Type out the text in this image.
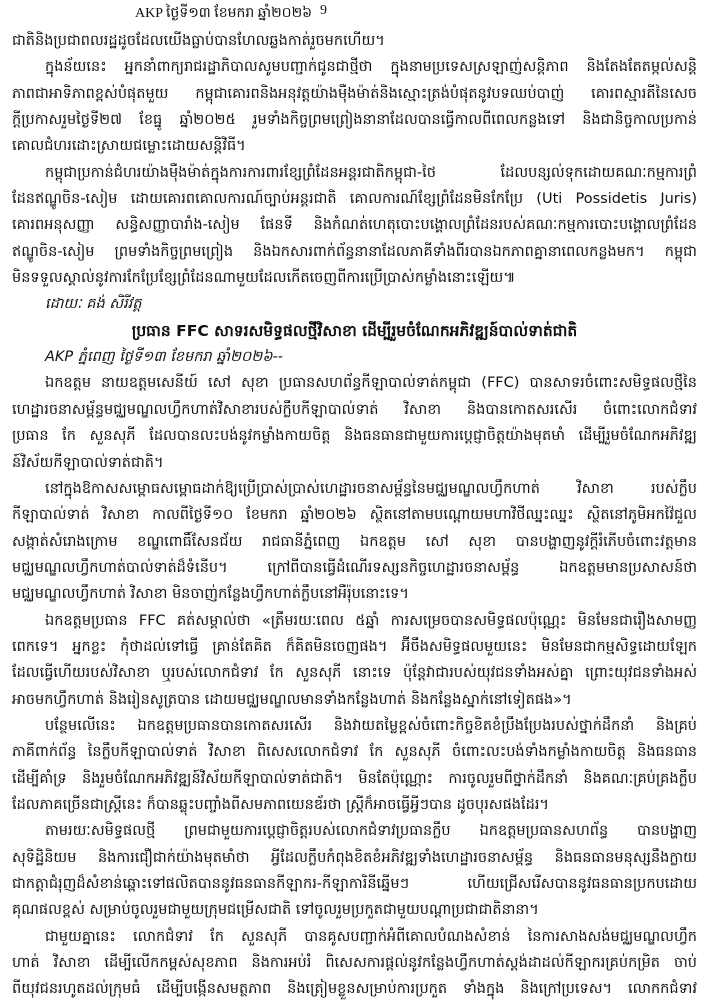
AKP ថ្ងៃទី១៣ ខែមករា ឆ្នាំ២០២៦ 9
ជាតិនិងប្រជាពលរដ្ឋដូចដែលយើងធ្លាប់បានហែលឆ្លងកាត់រួចមកហើយ។
ក្នុងន័យនេះ អ្នកនាំពាក្យរាជរដ្ឋាភិបាលសូមបញ្ជាក់ជូនជាថ្មីថា ក្នុងនាមប្រទេសស្រឡាញ់សន្តិភាព និងតែងតែតម្កល់សន្តិ
ភាពជាអាទិភាពខ្ពស់បំផុតមួយ កម្ពុជាគោរពនិងអនុវត្តយ៉ាងម៉ឺងម៉ាត់និងស្មោះត្រង់បំផុតនូវបទឈប់បាញ់ គោរពស្មារតីនៃសេច
ក្តីប្រកាសរួមថ្ងៃទី២៧ ខែធ្នូ ឆ្នាំ២០២៥ រួមទាំងកិច្ចព្រមព្រៀងនានាដែលបានធ្វើកាលពីពេលកន្លងទៅ និងជានិច្ចកាលប្រកាន់
គោលជំហរដោះស្រាយជម្លោះដោយសន្តិវិធី។
កម្ពុជាប្រកាន់ជំហរយ៉ាងម៉ឺងម៉ាត់ក្នុងការការពារខ្សែព្រំដែនអន្តរជាតិកម្ពុជា-ថៃ ដែលបន្សល់ទុកដោយគណៈកម្មការព្រំ
ដែនឥណ្ឌូចិន-សៀម ដោយគោរពគោលការណ៍ច្បាប់អន្តរជាតិ គោលការណ៍ខ្សែព្រំដែនមិនកែប្រែ (Uti Possidetis Juris)
គោរពអនុសញ្ញា សន្ធិសញ្ញាបារាំង-សៀម ផែនទី និងកំណត់ហេតុបោះបង្គោលព្រំដែនរបស់គណៈកម្មការបោះបង្គោលព្រំដែន
ឥណ្ឌូចិន-សៀម ព្រមទាំងកិច្ចព្រមព្រៀង និងឯកសារពាក់ព័ន្ធនានាដែលភាគីទាំងពីរបានឯកភាពគ្នានាពេលកន្លងមក។ កម្ពុជា
មិនទទួលស្គាល់នូវការកែប្រែខ្សែព្រំដែនណាមួយដែលកើតចេញពីការប្រើប្រាស់កម្លាំងនោះឡើយ៕
ដោយៈ គង់ សិរីវត្ត
ប្រធាន FFC សាទរសមិទ្ធផលថ្មីវិសាខា ដើម្បីរួមចំណែកអភិវឌ្ឍន៍បាល់ទាត់ជាតិ
AKP ភ្នំពេញ ថ្ងៃទី១៣ ខែមករា ឆ្នាំ២០២៦--
ឯកឧត្តម នាយឧត្តមសេនីយ៍ សៅ សុខា ប្រធានសហព័ន្ធកីឡាបាល់ទាត់កម្ពុជា (FFC) បានសាទរចំពោះសមិទ្ធផលថ្មីនៃ
ហេដ្ឋារចនាសម្ព័ន្ធមជ្ឈមណ្ឌលហ្វឹកហាត់វិសាខារបស់ក្លឹបកីឡាបាល់ទាត់ វិសាខា និងបានកោតសរសើរ ចំពោះលោកជំទាវ
ប្រធាន កែ សួនសុភី ដែលបានលះបង់នូវកម្លាំងកាយចិត្ត និងធនធានជាមួយការប្តេជ្ញាចិត្តយ៉ាងមុតមាំ ដើម្បីរួមចំណែកអភិវឌ្ឍ
ន៍វិស័យកីឡាបាល់ទាត់ជាតិ។
នៅក្នុងឱកាសសម្ពោធសម្ពោធដាក់ឱ្យប្រើប្រាស់ប្រាស់ហេដ្ឋារចនាសម្ព័ន្ធនៃមជ្ឈមណ្ឌលហ្វឹកហាត់ វិសាខា របស់ក្លឹប
កីឡាបាល់ទាត់ វិសាខា កាលពីថ្ងៃទី១០ ខែមករា ឆ្នាំ២០២៦ ស្ថិតនៅតាមបណ្តោយមហាវិថីឈ្នះឈ្នះ ស្ថិតនៅភូមិអកវ៉ៃជួល
សង្កាត់សំរោងក្រោម ខណ្ឌពោធិ៍សែនជ័យ រាជធានីភ្នំពេញ ឯកឧត្តម សៅ សុខា បានបង្ហាញនូវក្តីរំភើបចំពោះវត្តមាន
មជ្ឈមណ្ឌលហ្វឹកហាត់បាល់ទាត់ដ៏ទំនើប។ ក្រៅពីបានធ្វើដំណើរទស្សនកិច្ចហេដ្ឋារចនាសម្ព័ន្ធ ឯកឧត្តមមានប្រសាសន៍ថា
មជ្ឈមណ្ឌលហ្វឹកហាត់ វិសាខា មិនចាញ់កន្លែងហ្វឹកហាត់ក្លឹបនៅអឺរ៉ុបនោះទេ។
ឯកឧត្តមប្រធាន FFC គត់សម្គាល់ថា «ត្រឹមរយៈពេល ៥ឆ្នាំ ការសម្រេចបានសមិទ្ធផលប៉ុណ្ណេះ មិនមែនជារឿងសាមញ្ញ
ពេកទេ។ អ្នកខ្លះ កុំថាដល់ទៅធ្វើ គ្រាន់តែគិត ក៏គិតមិនចេញផង។ អ៊ីចឹងសមិទ្ធផលមួយនេះ មិនមែនជាកម្មសិទ្ធដោយឡែក
ដែលធ្វើហើយរបស់វិសាខា ឬរបស់លោកជំទាវ កែ សួនសុភី នោះទេ ប៉ុន្តែវាជារបស់យុវជនទាំងអស់គ្នា ព្រោះយុវជនទាំងអស់
អាចមកហ្វឹកហាត់ និងរៀនសូត្របាន ដោយមជ្ឈមណ្ឌលមានទាំងកន្លែងហាត់ និងកន្លែងស្នាក់នៅទៀតផង»។
បន្ថែមលើនេះ ឯកឧត្តមប្រធានបានកោតសរសើរ និងវាយតម្លៃខ្ពស់ចំពោះកិច្ចខិតខំប្រឹងប្រែងរបស់ថ្នាក់ដឹកនាំ និងគ្រប់
ភាគីពាក់ព័ន្ធ នៃក្លឹបកីឡាបាល់ទាត់ វិសាខា ពិសេសលោកជំទាវ កែ សួនសុភី ចំពោះលះបង់ទាំងកម្លាំងកាយចិត្ត និងធនធាន
ដើម្បីគាំទ្រ និងរួមចំណែកអភិវឌ្ឍន៍វិស័យកីឡាបាល់ទាត់ជាតិ។ មិនតែប៉ុណ្ណោះ ការចូលរួមពីថ្នាក់ដឹកនាំ និងគណៈគ្រប់គ្រងក្លឹប
ដែលភាគច្រើនជាស្ត្រីនេះ ក៏បានឆ្លុះបញ្ចាំងពីសមភាពយេនឌ័រថា ស្ត្រីក៏អាចធ្វើអ្វីៗបាន ដូចបុរសផងដែរ។
តាមរយៈសមិទ្ធផលថ្មី ព្រមជាមួយការប្តេជ្ញាចិត្តរបស់លោកជំទាវប្រធានក្លឹប ឯកឧត្តមប្រធានសហព័ន្ធ បានបង្ហាញ
សុទិដ្ឋិនិយម និងការជឿជាក់យ៉ាងមុតមាំថា អ្វីដែលក្លឹបកំពុងខិតខំអភិវឌ្ឍទាំងហេដ្ឋារចនាសម្ព័ន្ធ និងធនធានមនុស្សនឹងក្លាយ
ជាកត្តាជំរុញដ៏សំខាន់ឆ្ពោះទៅផលិតបាននូវធនធានកីឡាករ-កីឡាការិនីឆ្នើមៗ ហើយជ្រើសរើសបាននូវធនធានប្រកបដោយ
គុណផលខ្ពស់ សម្រាប់ចូលរួមជាមួយក្រុមជម្រើសជាតិ ទៅចូលរួមប្រកួតជាមួយបណ្តាប្រជាជាតិនានា។
ជាមួយគ្នានេះ លោកជំទាវ កែ សួនសុភី បានគូសបញ្ជាក់អំពីគោលបំណងសំខាន់ នៃការសាងសង់មជ្ឈមណ្ឌលហ្វឹក
ហាត់ វិសាខា ដើម្បីលើកកម្ពស់សុខភាព និងការអប់រំ ពិសេសការផ្តល់នូវកន្លែងហ្វឹកហាត់ស្តង់ដាដល់កីឡាករគ្រប់កម្រិត ចាប់
ពីយុវជនរហូតដល់ក្រុមធំ ដើម្បីបង្កើនសមត្ថភាព និងត្រៀមខ្លួនសម្រាប់ការប្រកួត ទាំងក្នុង និងក្រៅប្រទេស។ លោកកជំទាវ
